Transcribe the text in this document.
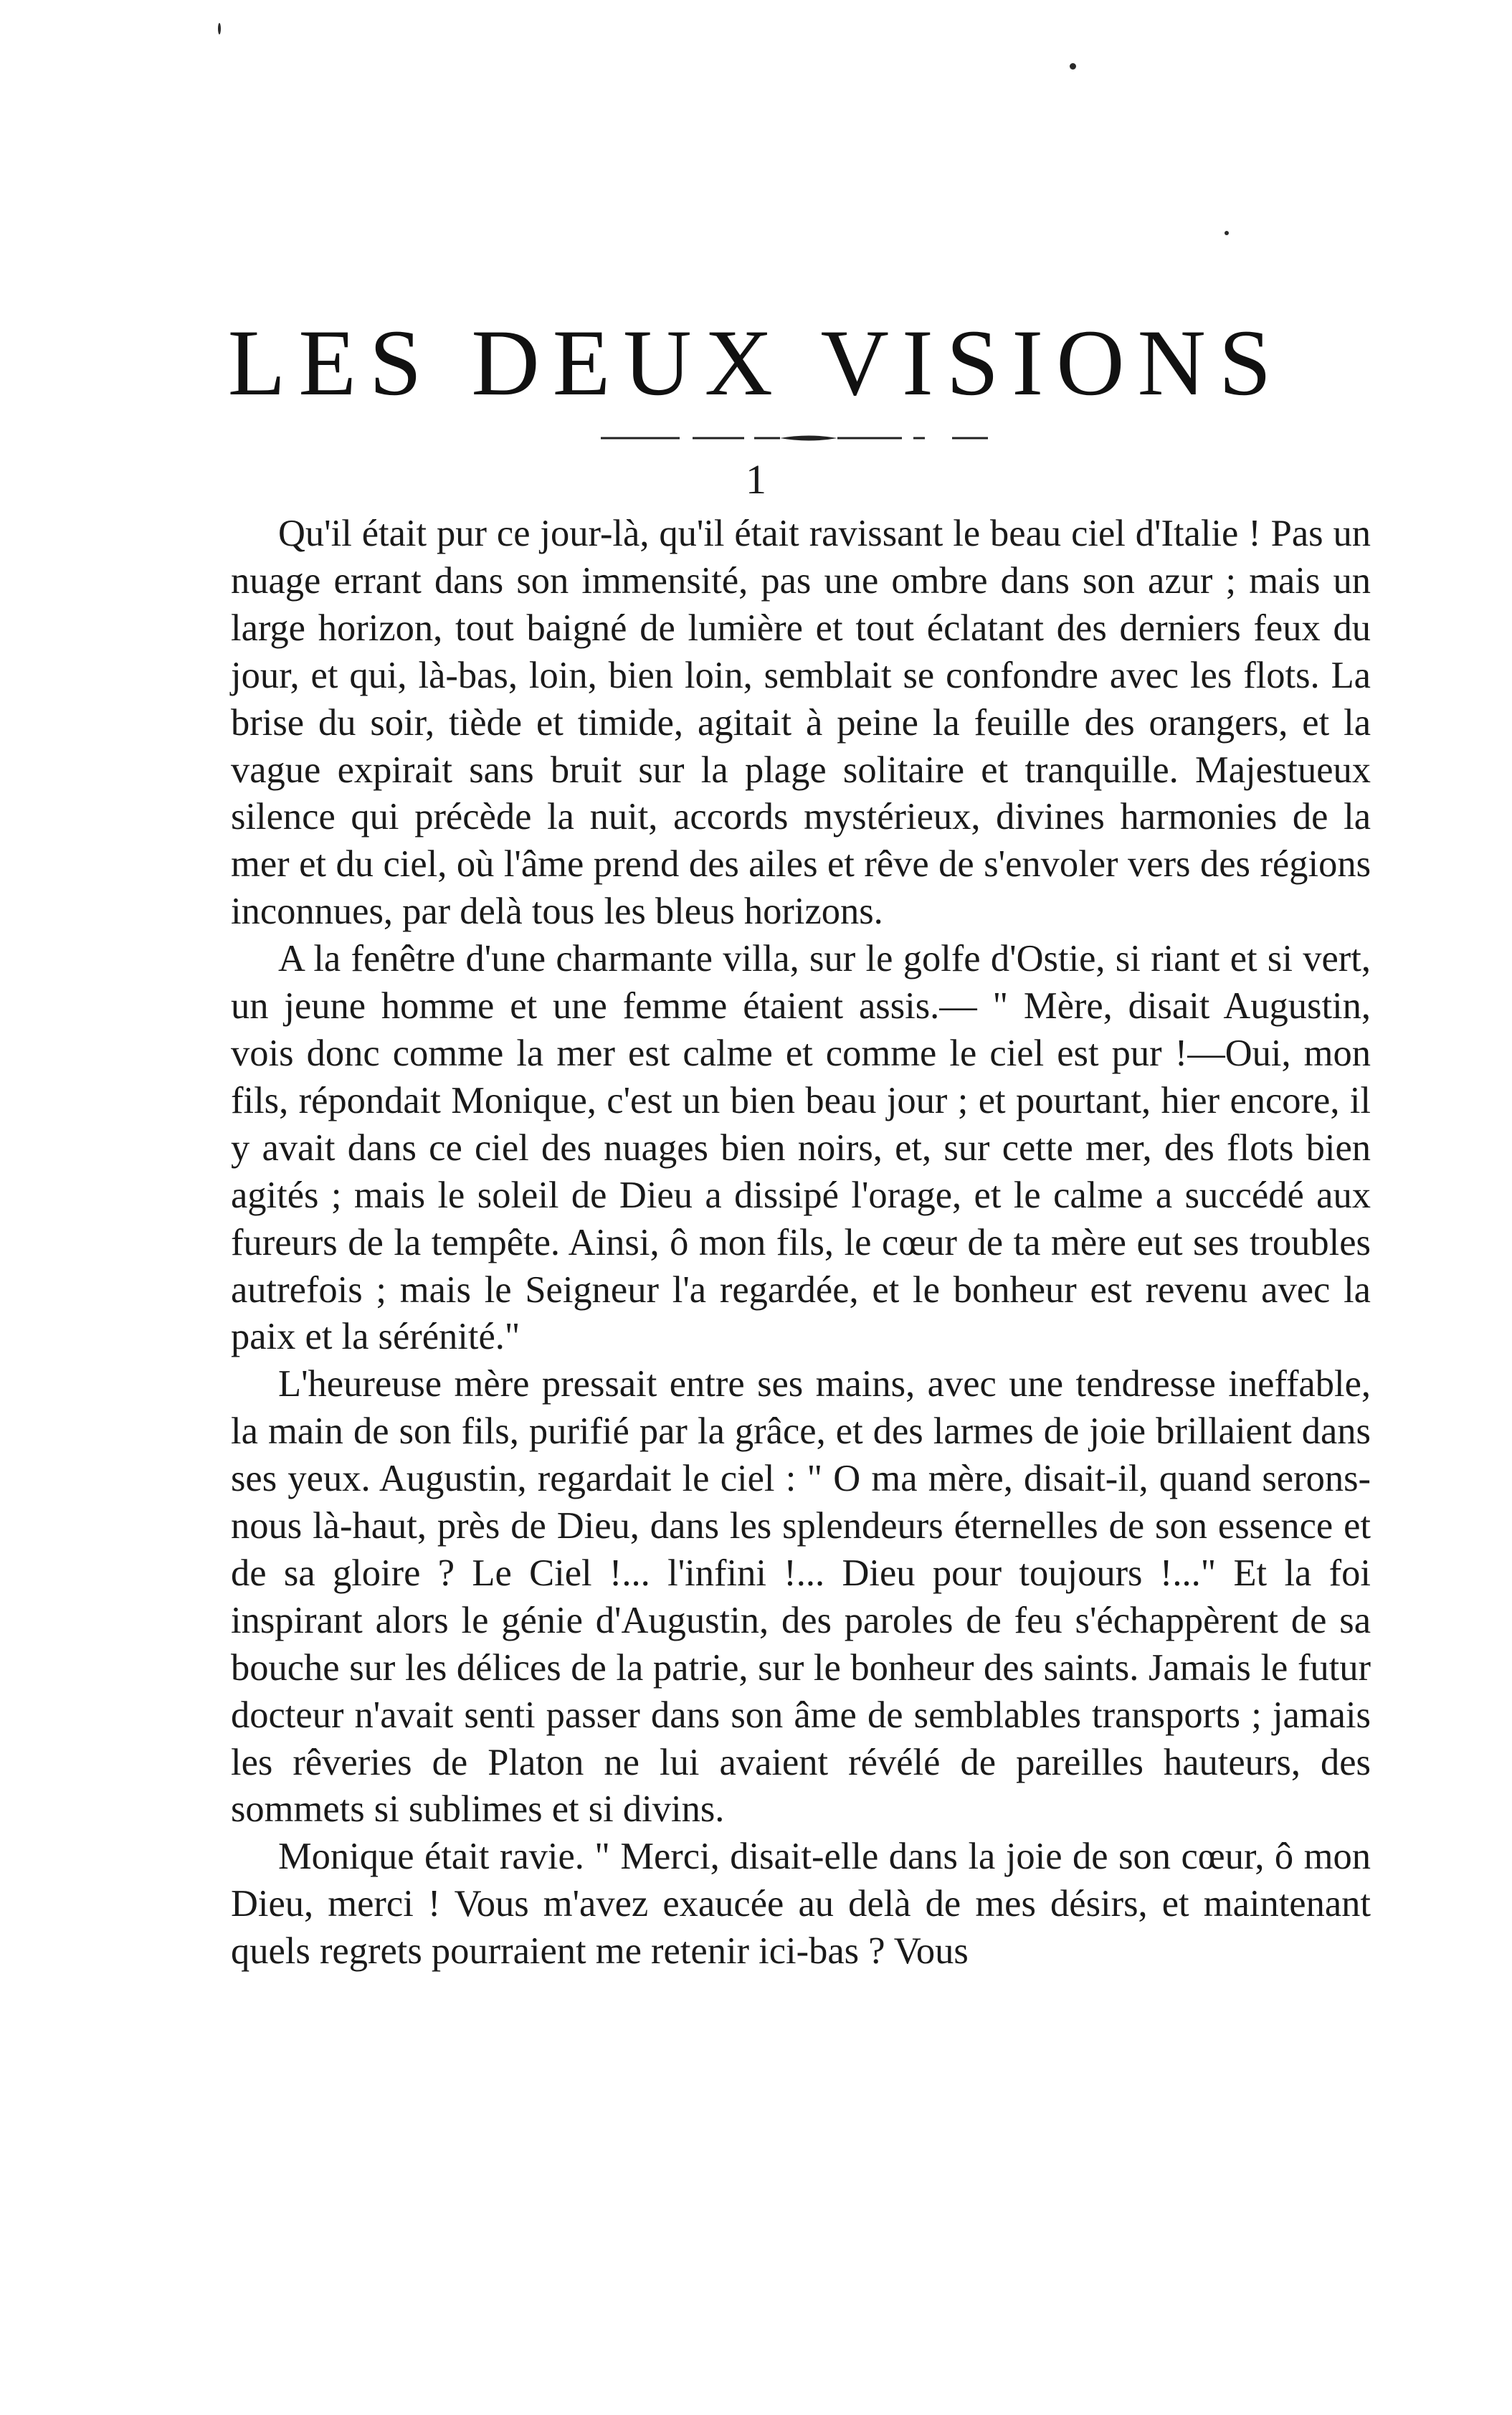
LES DEUX VISIONS
1

Qu'il était pur ce jour-là, qu'il était ravissant le beau ciel d'Italie ! Pas un nuage errant dans son immensité, pas une ombre dans son azur ; mais un large horizon, tout baigné de lumière et tout éclatant des derniers feux du jour, et qui, là-bas, loin, bien loin, semblait se confondre avec les flots. La brise du soir, tiède et timide, agitait à peine la feuille des orangers, et la vague expirait sans bruit sur la plage solitaire et tranquille. Majestueux silence qui précède la nuit, accords mystérieux, divines harmonies de la mer et du ciel, où l'âme prend des ailes et rêve de s'envoler vers des régions inconnues, par delà tous les bleus horizons.

A la fenêtre d'une charmante villa, sur le golfe d'Ostie, si riant et si vert, un jeune homme et une femme étaient assis.— " Mère, disait Augustin, vois donc comme la mer est calme et comme le ciel est pur !—Oui, mon fils, répondait Monique, c'est un bien beau jour ; et pourtant, hier encore, il y avait dans ce ciel des nuages bien noirs, et, sur cette mer, des flots bien agités ; mais le soleil de Dieu a dissipé l'orage, et le calme a succédé aux fureurs de la tempête. Ainsi, ô mon fils, le cœur de ta mère eut ses troubles autrefois ; mais le Seigneur l'a regardée, et le bonheur est revenu avec la paix et la sérénité."

L'heureuse mère pressait entre ses mains, avec une tendresse ineffable, la main de son fils, purifié par la grâce, et des larmes de joie brillaient dans ses yeux. Augustin, regardait le ciel : " O ma mère, disait-il, quand serons-nous là-haut, près de Dieu, dans les splendeurs éternelles de son essence et de sa gloire ? Le Ciel !... l'infini !... Dieu pour toujours !..." Et la foi inspirant alors le génie d'Augustin, des paroles de feu s'échappèrent de sa bouche sur les délices de la patrie, sur le bonheur des saints. Jamais le futur docteur n'avait senti passer dans son âme de semblables transports ; jamais les rêveries de Platon ne lui avaient révélé de pareilles hauteurs, des sommets si sublimes et si divins.

Monique était ravie. " Merci, disait-elle dans la joie de son cœur, ô mon Dieu, merci ! Vous m'avez exaucée au delà de mes désirs, et maintenant quels regrets pourraient me retenir ici-bas ? Vous
